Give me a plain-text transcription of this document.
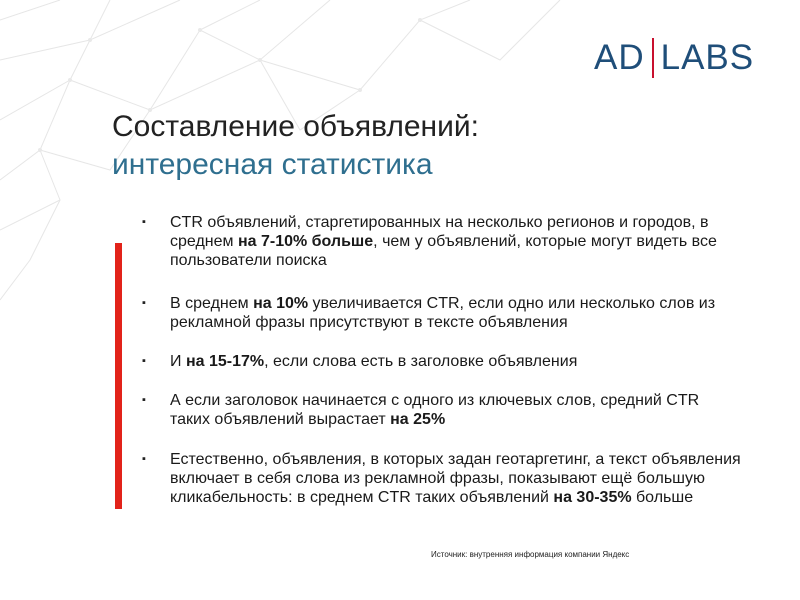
AD LABS
Составление объявлений:
интересная статистика
▪	CTR объявлений, старгетированных на несколько регионов и городов, в среднем на 7-10% больше, чем у объявлений, которые могут видеть все пользователи поиска
▪	В среднем на 10% увеличивается CTR, если одно или несколько слов из рекламной фразы присутствуют в тексте объявления
▪	И на 15-17%, если слова есть в заголовке объявления
▪	А если заголовок начинается с одного из ключевых слов, средний CTR таких объявлений вырастает на 25%
▪	Естественно, объявления, в которых задан геотаргетинг, а текст объявления включает в себя слова из рекламной фразы, показывают ещё большую кликабельность: в среднем CTR таких объявлений на 30-35% больше
Источник: внутренняя информация компании Яндекс
